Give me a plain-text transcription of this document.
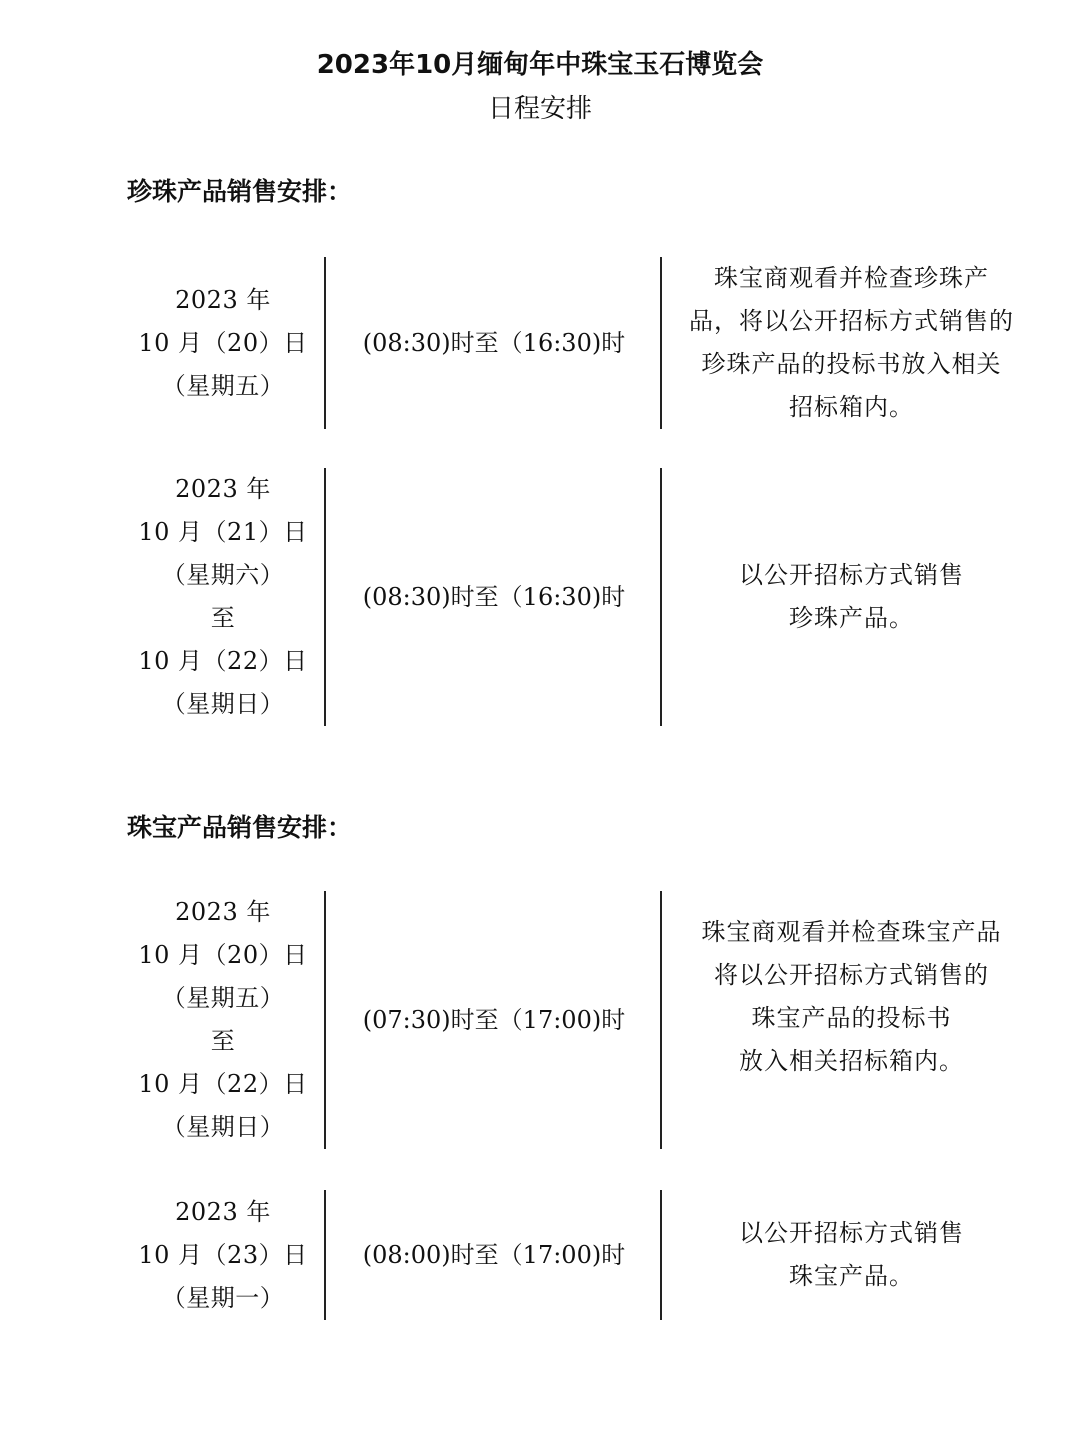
2023年10月缅甸年中珠宝玉石博览会
日程安排
珍珠产品销售安排：
2023 年
10 月（20）日
（星期五）
(08:30)时至（16:30)时
珠宝商观看并检查珍珠产
品，将以公开招标方式销售的
珍珠产品的投标书放入相关
招标箱内。
2023 年
10 月（21）日
（星期六）
至
10 月（22）日
（星期日）
(08:30)时至（16:30)时
以公开招标方式销售
珍珠产品。
珠宝产品销售安排：
2023 年
10 月（20）日
（星期五）
至
10 月（22）日
（星期日）
(07:30)时至（17:00)时
珠宝商观看并检查珠宝产品
将以公开招标方式销售的
珠宝产品的投标书
放入相关招标箱内。
2023 年
10 月（23）日
（星期一）
(08:00)时至（17:00)时
以公开招标方式销售
珠宝产品。
